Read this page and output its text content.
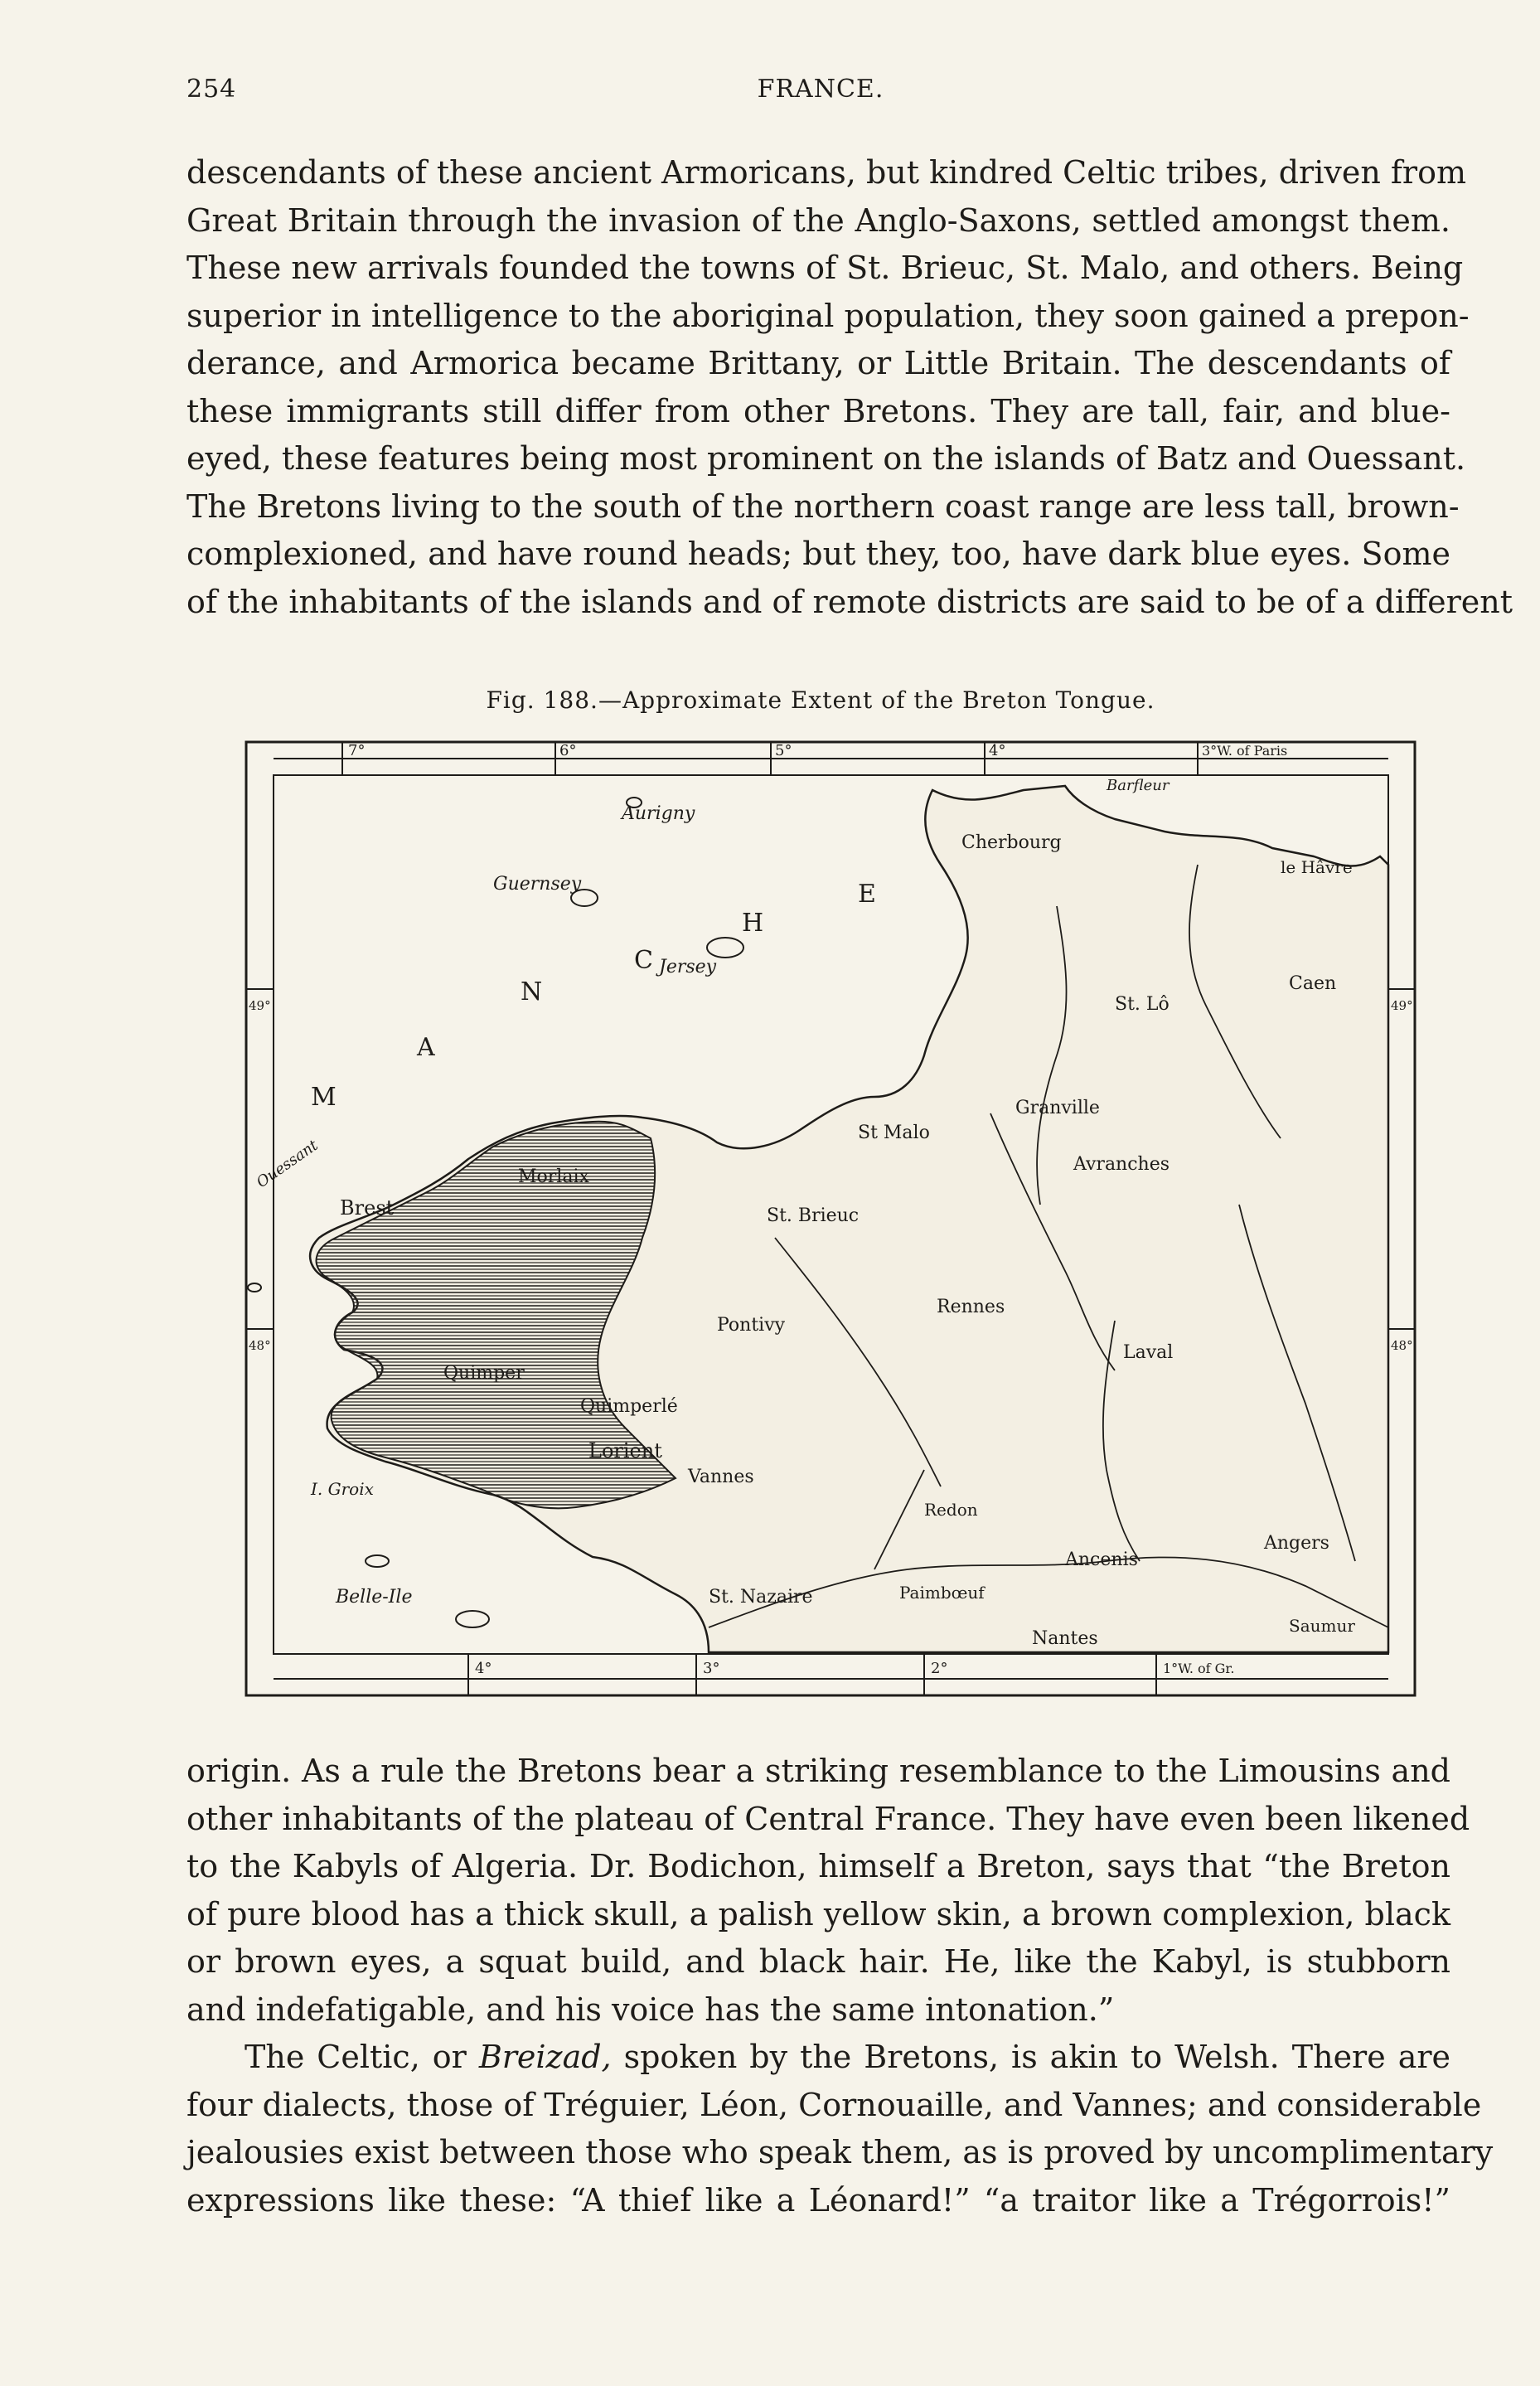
254	FRANCE.

descendants of these ancient Armoricans, but kindred Celtic tribes, driven from
Great Britain through the invasion of the Anglo-Saxons, settled amongst them.
These new arrivals founded the towns of St. Brieuc, St. Malo, and others. Being
superior in intelligence to the aboriginal population, they soon gained a prepon-
derance, and Armorica became Brittany, or Little Britain. The descendants of
these immigrants still differ from other Bretons. They are tall, fair, and blue-
eyed, these features being most prominent on the islands of Batz and Ouessant.
The Bretons living to the south of the northern coast range are less tall, brown-
complexioned, and have round heads; but they, too, have dark blue eyes. Some
of the inhabitants of the islands and of remote districts are said to be of a different

Fig. 188.—Approximate Extent of the Breton Tongue.
7°	6°	5°	4°	3°W. of Paris
4°	3°	2°	1°W. of Gr.
49°
48°
49°
48°
M
A
N
C
H
E
Aurigny
Guernsey
Jersey
Barfleur
Cherbourg
le Hâvre
Caen
St. Lô
Granville
Avranches
St Malo
St. Brieuc
Morlaix
Brest
Ouessant
Quimper
Pontivy
Rennes
Laval
Quimperlé
Lorient
Vannes
Redon
Ancenis
Angers
I. Groix
Belle-Ile	St. Nazaire	Paimbœuf
Nantes
Saumur

origin. As a rule the Bretons bear a striking resemblance to the Limousins and
other inhabitants of the plateau of Central France. They have even been likened
to the Kabyls of Algeria. Dr. Bodichon, himself a Breton, says that “the Breton
of pure blood has a thick skull, a palish yellow skin, a brown complexion, black
or brown eyes, a squat build, and black hair. He, like the Kabyl, is stubborn
and indefatigable, and his voice has the same intonation.”

The Celtic, or Breizad, spoken by the Bretons, is akin to Welsh. There are
four dialects, those of Tréguier, Léon, Cornouaille, and Vannes; and considerable
jealousies exist between those who speak them, as is proved by uncomplimentary
expressions like these: “A thief like a Léonard!” “a traitor like a Trégorrois!”
